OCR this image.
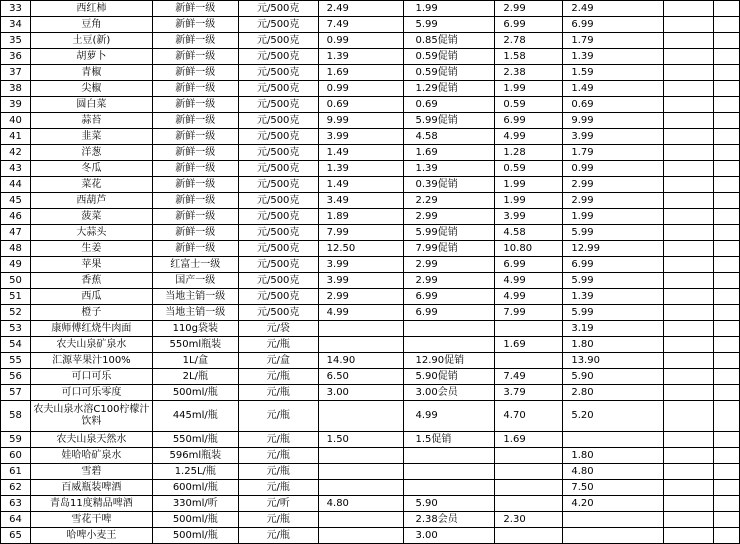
33	西红柿	新鲜一级	元/500克	2.49	1.99	2.99	2.49		
34	豆角	新鲜一级	元/500克	7.49	5.99	6.99	6.99		
35	土豆(新)	新鲜一级	元/500克	0.99	0.85促销	2.78	1.79		
36	胡萝卜	新鲜一级	元/500克	1.39	0.59促销	1.58	1.39		
37	青椒	新鲜一级	元/500克	1.69	0.59促销	2.38	1.59		
38	尖椒	新鲜一级	元/500克	0.99	1.29促销	1.99	1.49		
39	圆白菜	新鲜一级	元/500克	0.69	0.69	0.59	0.69		
40	蒜苔	新鲜一级	元/500克	9.99	5.99促销	6.99	9.99		
41	韭菜	新鲜一级	元/500克	3.99	4.58	4.99	3.99		
42	洋葱	新鲜一级	元/500克	1.49	1.69	1.28	1.79		
43	冬瓜	新鲜一级	元/500克	1.39	1.39	0.59	0.99		
44	菜花	新鲜一级	元/500克	1.49	0.39促销	1.99	2.99		
45	西葫芦	新鲜一级	元/500克	3.49	2.29	1.99	2.99		
46	菠菜	新鲜一级	元/500克	1.89	2.99	3.99	1.99		
47	大蒜头	新鲜一级	元/500克	7.99	5.99促销	4.58	5.99		
48	生姜	新鲜一级	元/500克	12.50	7.99促销	10.80	12.99		
49	苹果	红富士一级	元/500克	3.99	2.99	6.99	6.99		
50	香蕉	国产一级	元/500克	3.99	2.99	4.99	5.99		
51	西瓜	当地主销一级	元/500克	2.99	6.99	4.99	1.39		
52	橙子	当地主销一级	元/500克	4.99	6.99	7.99	5.99		
53	康师傅红烧牛肉面	110g袋装	元/袋				3.19		
54	农夫山泉矿泉水	550ml瓶装	元/瓶			1.69	1.80		
55	汇源苹果汁100%	1L/盒	元/盒	14.90	12.90促销		13.90		
56	可口可乐	2L/瓶	元/瓶	6.50	5.90促销	7.49	5.90		
57	可口可乐零度	500ml/瓶	元/瓶	3.00	3.00会员	3.79	2.80		
58	农夫山泉水溶C100柠檬汁饮料	445ml/瓶	元/瓶		4.99	4.70	5.20		
59	农夫山泉天然水	550ml/瓶	元/瓶	1.50	1.5促销	1.69			
60	娃哈哈矿泉水	596ml瓶装	元/瓶				1.80		
61	雪碧	1.25L/瓶	元/瓶				4.80		
62	百威瓶装啤酒	600ml/瓶	元/瓶				7.50		
63	青岛11度精品啤酒	330ml/听	元/听	4.80	5.90		4.20		
64	雪花干啤	500ml/瓶	元/瓶		2.38会员	2.30			
65	哈啤小麦王	500ml/瓶	元/瓶		3.00				
